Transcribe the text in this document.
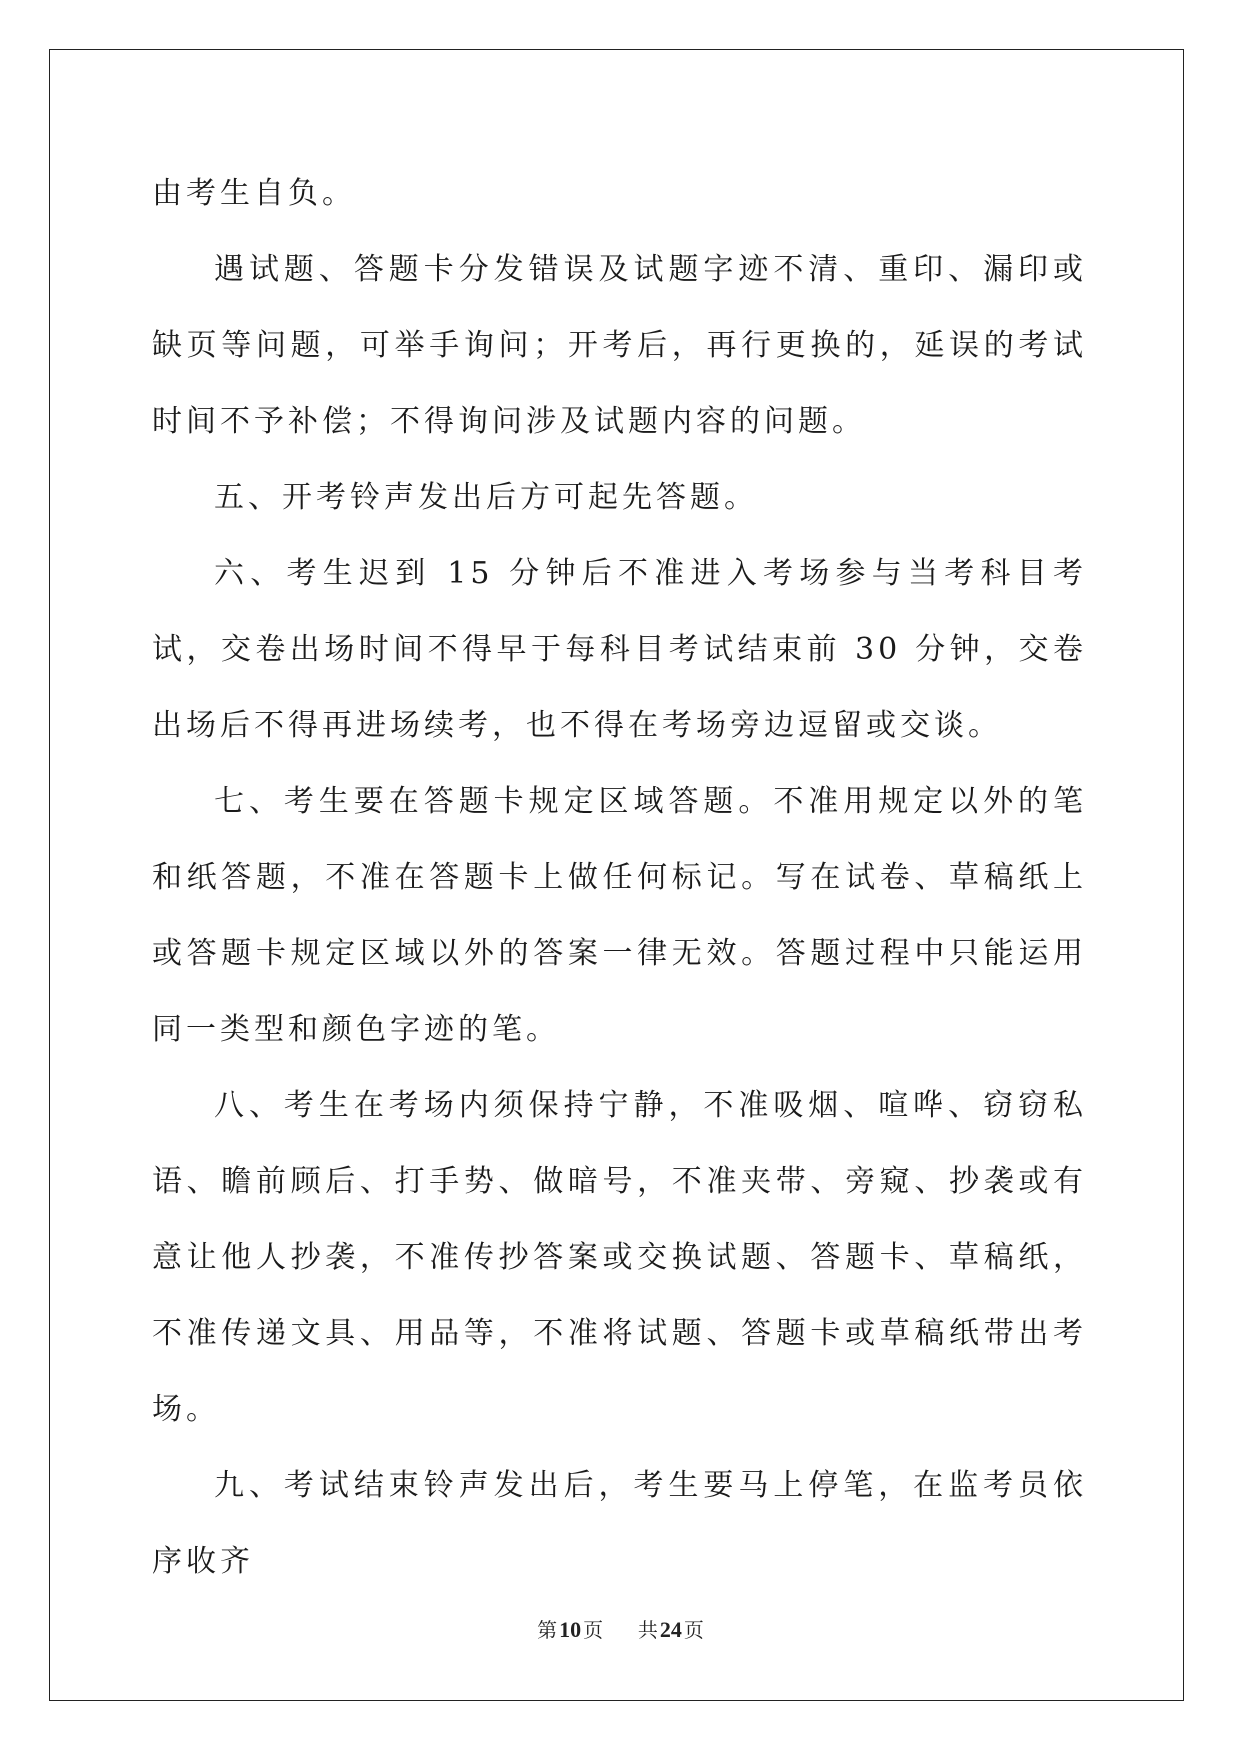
由考生自负。

遇试题、答题卡分发错误及试题字迹不清、重印、漏印或缺页等问题，可举手询问；开考后，再行更换的，延误的考试时间不予补偿；不得询问涉及试题内容的问题。

五、开考铃声发出后方可起先答题。

六、考生迟到 15 分钟后不准进入考场参与当考科目考试，交卷出场时间不得早于每科目考试结束前 30 分钟，交卷出场后不得再进场续考，也不得在考场旁边逗留或交谈。

七、考生要在答题卡规定区域答题。不准用规定以外的笔和纸答题，不准在答题卡上做任何标记。写在试卷、草稿纸上或答题卡规定区域以外的答案一律无效。答题过程中只能运用同一类型和颜色字迹的笔。

八、考生在考场内须保持宁静，不准吸烟、喧哗、窃窃私语、瞻前顾后、打手势、做暗号，不准夹带、旁窥、抄袭或有意让他人抄袭，不准传抄答案或交换试题、答题卡、草稿纸，不准传递文具、用品等，不准将试题、答题卡或草稿纸带出考场。

九、考试结束铃声发出后，考生要马上停笔，在监考员依序收齐

第10 页 共24 页
